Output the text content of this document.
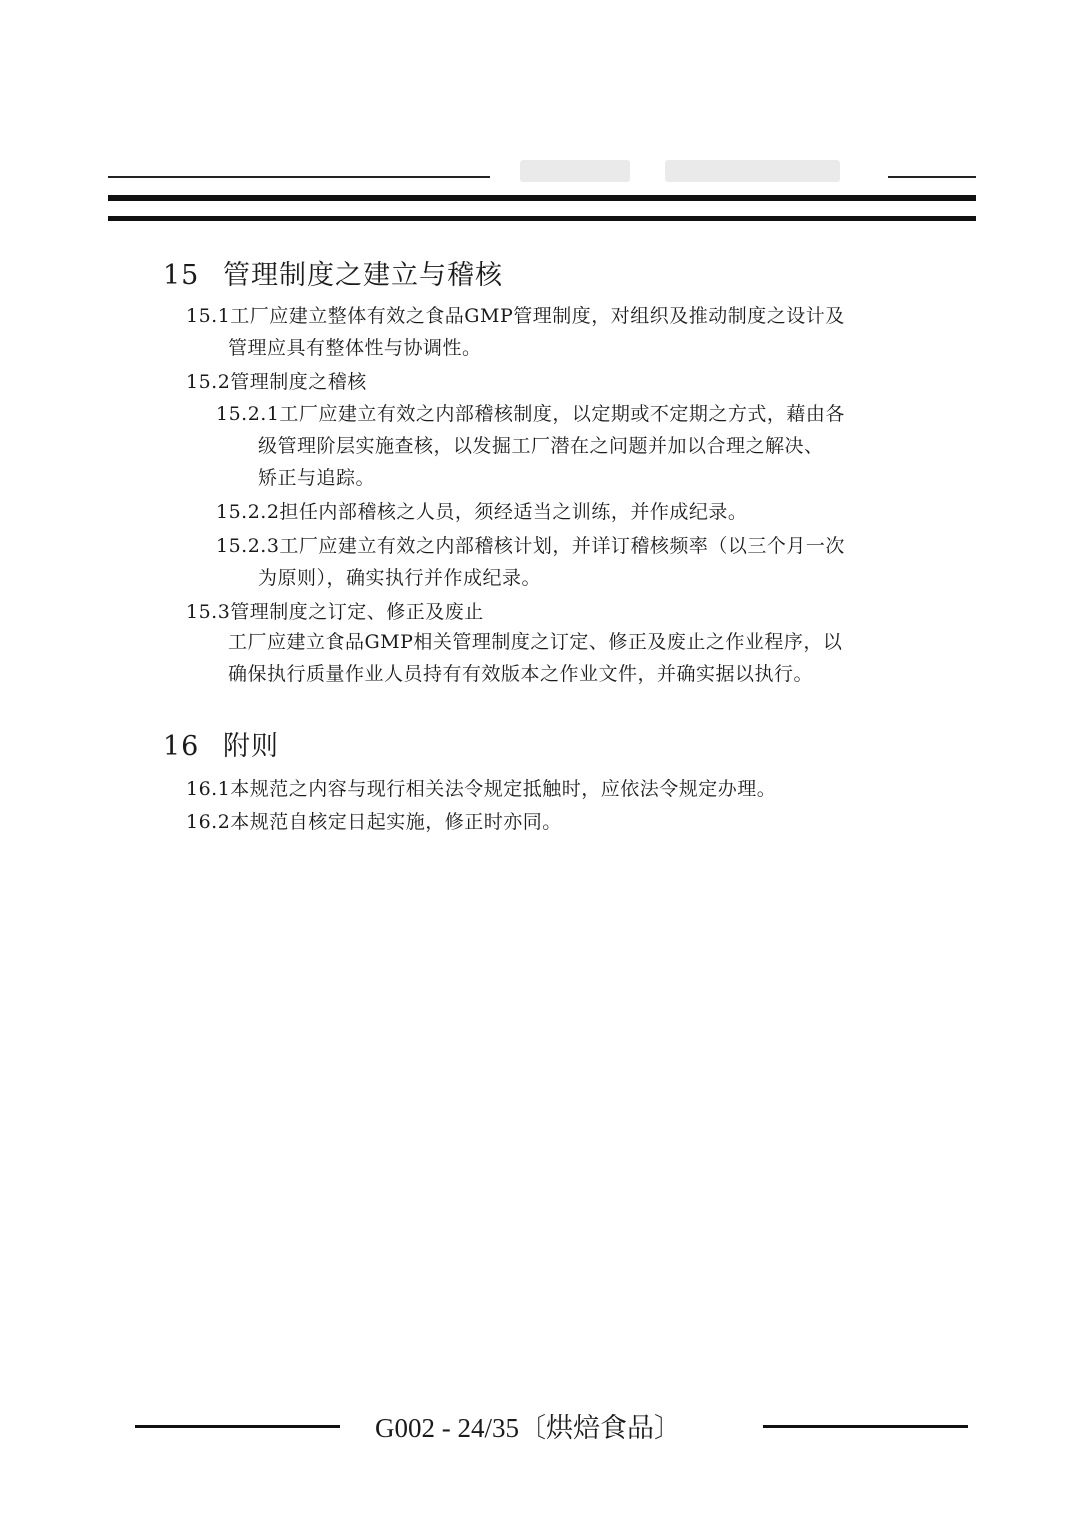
15 管理制度之建立与稽核
15.1工厂应建立整体有效之食品GMP管理制度，对组织及推动制度之设计及
管理应具有整体性与协调性。
15.2管理制度之稽核
15.2.1工厂应建立有效之内部稽核制度，以定期或不定期之方式，藉由各
级管理阶层实施查核，以发掘工厂潜在之问题并加以合理之解决、
矫正与追踪。
15.2.2担任内部稽核之人员，须经适当之训练，并作成纪录。
15.2.3工厂应建立有效之内部稽核计划，并详订稽核频率（以三个月一次
为原则），确实执行并作成纪录。
15.3管理制度之订定、修正及废止
工厂应建立食品GMP相关管理制度之订定、修正及废止之作业程序，以
确保执行质量作业人员持有有效版本之作业文件，并确实据以执行。
16 附则
16.1本规范之内容与现行相关法令规定抵触时，应依法令规定办理。
16.2本规范自核定日起实施，修正时亦同。
G002 - 24/35〔烘焙食品〕
